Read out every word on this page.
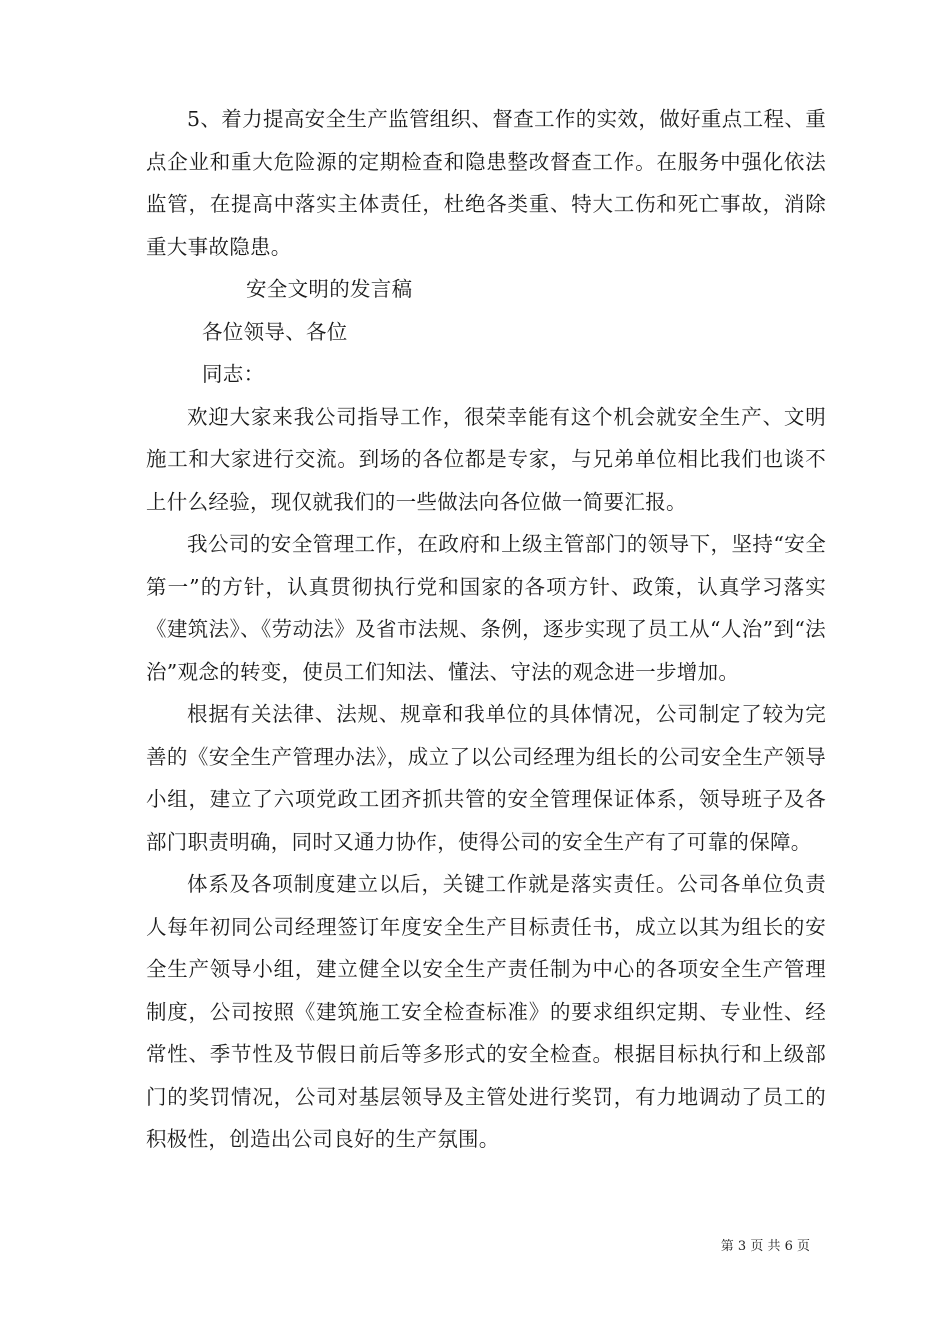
5、着力提高安全生产监管组织、督查工作的实效，做好重点工程、重点企业和重大危险源的定期检查和隐患整改督查工作。在服务中强化依法监管，在提高中落实主体责任，杜绝各类重、特大工伤和死亡事故，消除重大事故隐患。

安全文明的发言稿

各位领导、各位

同志：

欢迎大家来我公司指导工作，很荣幸能有这个机会就安全生产、文明施工和大家进行交流。到场的各位都是专家，与兄弟单位相比我们也谈不上什么经验，现仅就我们的一些做法向各位做一简要汇报。

我公司的安全管理工作，在政府和上级主管部门的领导下，坚持“安全第一”的方针，认真贯彻执行党和国家的各项方针、政策，认真学习落实《建筑法》、《劳动法》及省市法规、条例，逐步实现了员工从“人治”到“法治”观念的转变，使员工们知法、懂法、守法的观念进一步增加。

根据有关法律、法规、规章和我单位的具体情况，公司制定了较为完善的《安全生产管理办法》，成立了以公司经理为组长的公司安全生产领导小组，建立了六项党政工团齐抓共管的安全管理保证体系，领导班子及各部门职责明确，同时又通力协作，使得公司的安全生产有了可靠的保障。

体系及各项制度建立以后，关键工作就是落实责任。公司各单位负责人每年初同公司经理签订年度安全生产目标责任书，成立以其为组长的安全生产领导小组，建立健全以安全生产责任制为中心的各项安全生产管理制度，公司按照《建筑施工安全检查标准》的要求组织定期、专业性、经常性、季节性及节假日前后等多形式的安全检查。根据目标执行和上级部门的奖罚情况，公司对基层领导及主管处进行奖罚，有力地调动了员工的积极性，创造出公司良好的生产氛围。

第 3 页 共 6 页
